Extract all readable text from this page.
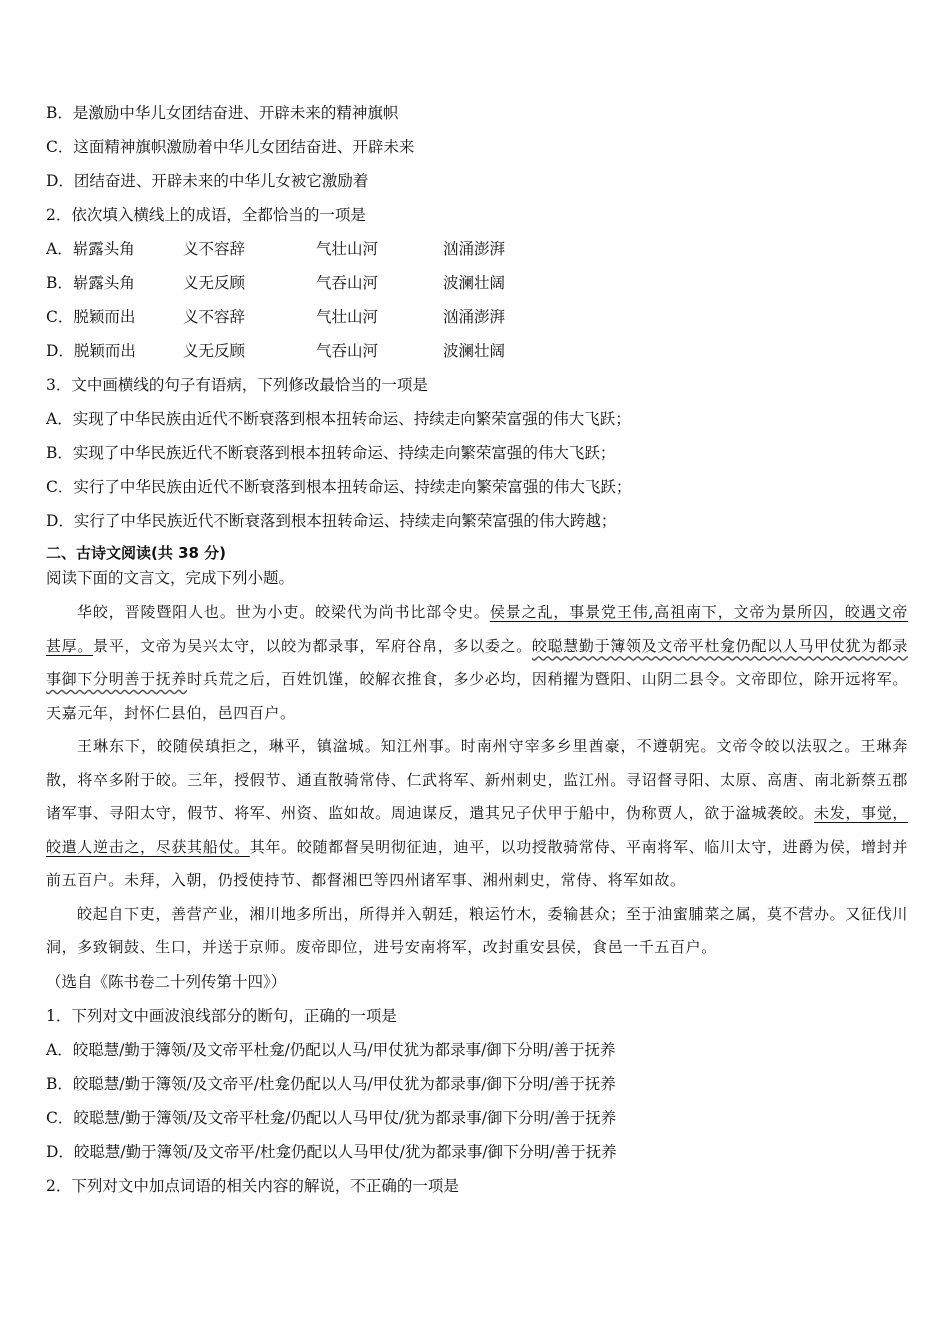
B．是激励中华儿女团结奋进、开辟未来的精神旗帜
C．这面精神旗帜激励着中华儿女团结奋进、开辟未来
D．团结奋进、开辟未来的中华儿女被它激励着
2．依次填入横线上的成语，全都恰当的一项是
A．崭露头角	义不容辞	气壮山河	汹涌澎湃
B．崭露头角	义无反顾	气吞山河	波澜壮阔
C．脱颖而出	义不容辞	气壮山河	汹涌澎湃
D．脱颖而出	义无反顾	气吞山河	波澜壮阔
3．文中画横线的句子有语病，下列修改最恰当的一项是
A．实现了中华民族由近代不断衰落到根本扭转命运、持续走向繁荣富强的伟大飞跃；
B．实现了中华民族近代不断衰落到根本扭转命运、持续走向繁荣富强的伟大飞跃；
C．实行了中华民族由近代不断衰落到根本扭转命运、持续走向繁荣富强的伟大飞跃；
D．实行了中华民族近代不断衰落到根本扭转命运、持续走向繁荣富强的伟大跨越；
二、古诗文阅读(共 38 分)
阅读下面的文言文，完成下列小题。
华皎，晋陵暨阳人也。世为小吏。皎梁代为尚书比部令史。侯景之乱，事景党王伟,高祖南下，文帝为景所囚，皎遇文帝甚厚。景平，文帝为吴兴太守，以皎为都录事，军府谷帛，多以委之。皎聪慧勤于簿领及文帝平杜龛仍配以人马甲仗犹为都录事御下分明善于抚养时兵荒之后，百姓饥馑，皎解衣推食，多少必均，因稍擢为暨阳、山阴二县令。文帝即位，除开远将军。天嘉元年，封怀仁县伯，邑四百户。
王琳东下，皎随侯瑱拒之，琳平，镇湓城。知江州事。时南州守宰多乡里酋豪，不遵朝宪。文帝令皎以法驭之。王琳奔散，将卒多附于皎。三年，授假节、通直散骑常侍、仁武将军、新州刺史，监江州。寻诏督寻阳、太原、高唐、南北新蔡五郡诸军事、寻阳太守，假节、将军、州资、监如故。周迪谋反，遣其兄子伏甲于船中，伪称贾人，欲于湓城袭皎。未发，事觉，皎遣人逆击之，尽获其船仗。其年。皎随都督吴明彻征迪，迪平，以功授散骑常侍、平南将军、临川太守，进爵为侯，增封并前五百户。未拜，入朝，仍授使持节、都督湘巴等四州诸军事、湘州刺史，常侍、将军如故。
皎起自下吏，善营产业，湘川地多所出，所得并入朝廷，粮运竹木，委输甚众；至于油蜜脯菜之属，莫不营办。又征伐川洞，多致铜鼓、生口，并送于京师。废帝即位，进号安南将军，改封重安县侯，食邑一千五百户。
（选自《陈书卷二十列传第十四》）
1．下列对文中画波浪线部分的断句，正确的一项是
A．皎聪慧/勤于簿领/及文帝平杜龛/仍配以人马/甲仗犹为都录事/御下分明/善于抚养
B．皎聪慧/勤于簿领/及文帝平/杜龛仍配以人马/甲仗犹为都录事/御下分明/善于抚养
C．皎聪慧/勤于簿领/及文帝平杜龛/仍配以人马甲仗/犹为都录事/御下分明/善于抚养
D．皎聪慧/勤于簿领/及文帝平/杜龛仍配以人马甲仗/犹为都录事/御下分明/善于抚养
2．下列对文中加点词语的相关内容的解说，不正确的一项是
